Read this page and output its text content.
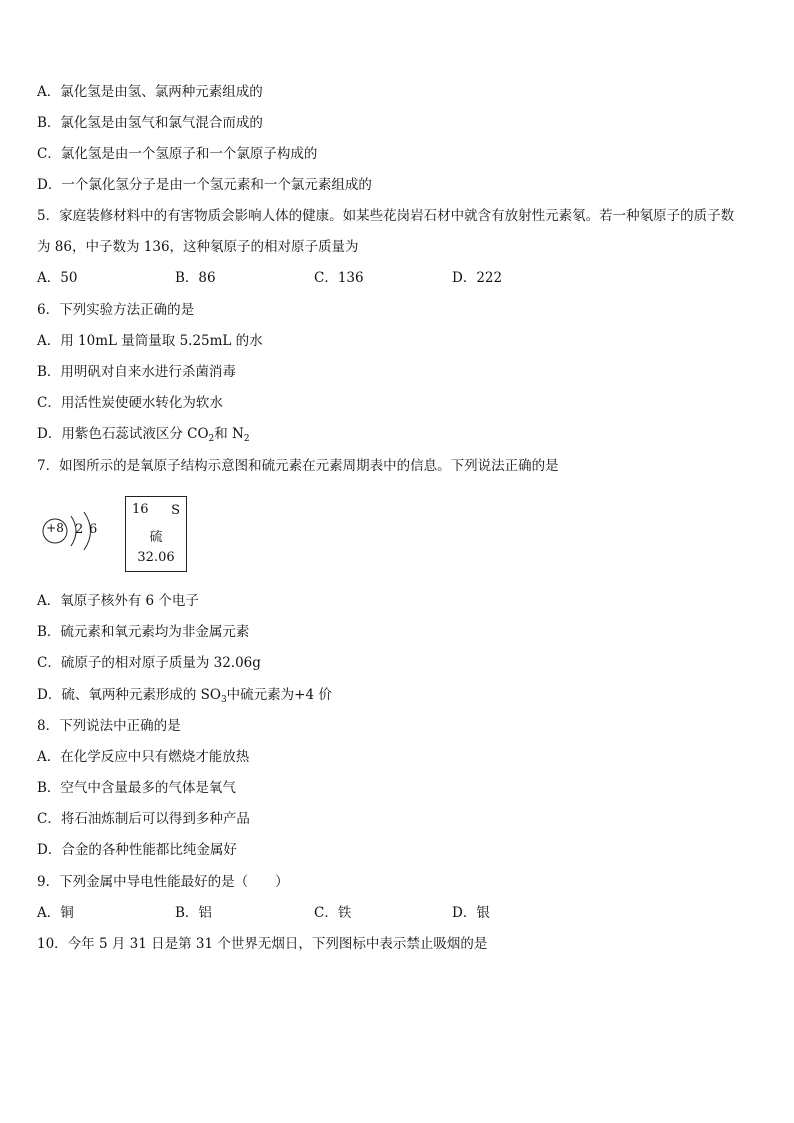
A．氯化氢是由氢、氯两种元素组成的
B．氯化氢是由氢气和氯气混合而成的
C．氯化氢是由一个氢原子和一个氯原子构成的
D．一个氯化氢分子是由一个氢元素和一个氯元素组成的
5．家庭装修材料中的有害物质会影响人体的健康。如某些花岗岩石材中就含有放射性元素氡。若一种氡原子的质子数
为 86，中子数为 136，这种氡原子的相对原子质量为
A．50	B．86	C．136	D．222
6．下列实验方法正确的是
A．用 10mL 量筒量取 5.25mL 的水
B．用明矾对自来水进行杀菌消毒
C．用活性炭使硬水转化为软水
D．用紫色石蕊试液区分 $CO_2$和 $N_2$
7．如图所示的是氧原子结构示意图和硫元素在元素周期表中的信息。下列说法正确的是
+8 2 6
16 S
硫
32.06
A．氧原子核外有 6 个电子
B．硫元素和氧元素均为非金属元素
C．硫原子的相对原子质量为 32.06g
D．硫、氧两种元素形成的 $SO_3$中硫元素为+4 价
8．下列说法中正确的是
A．在化学反应中只有燃烧才能放热
B．空气中含量最多的气体是氧气
C．将石油炼制后可以得到多种产品
D．合金的各种性能都比纯金属好
9．下列金属中导电性能最好的是（　　）
A．铜	B．铝	C．铁	D．银
10．今年 5 月 31 日是第 31 个世界无烟日，下列图标中表示禁止吸烟的是
